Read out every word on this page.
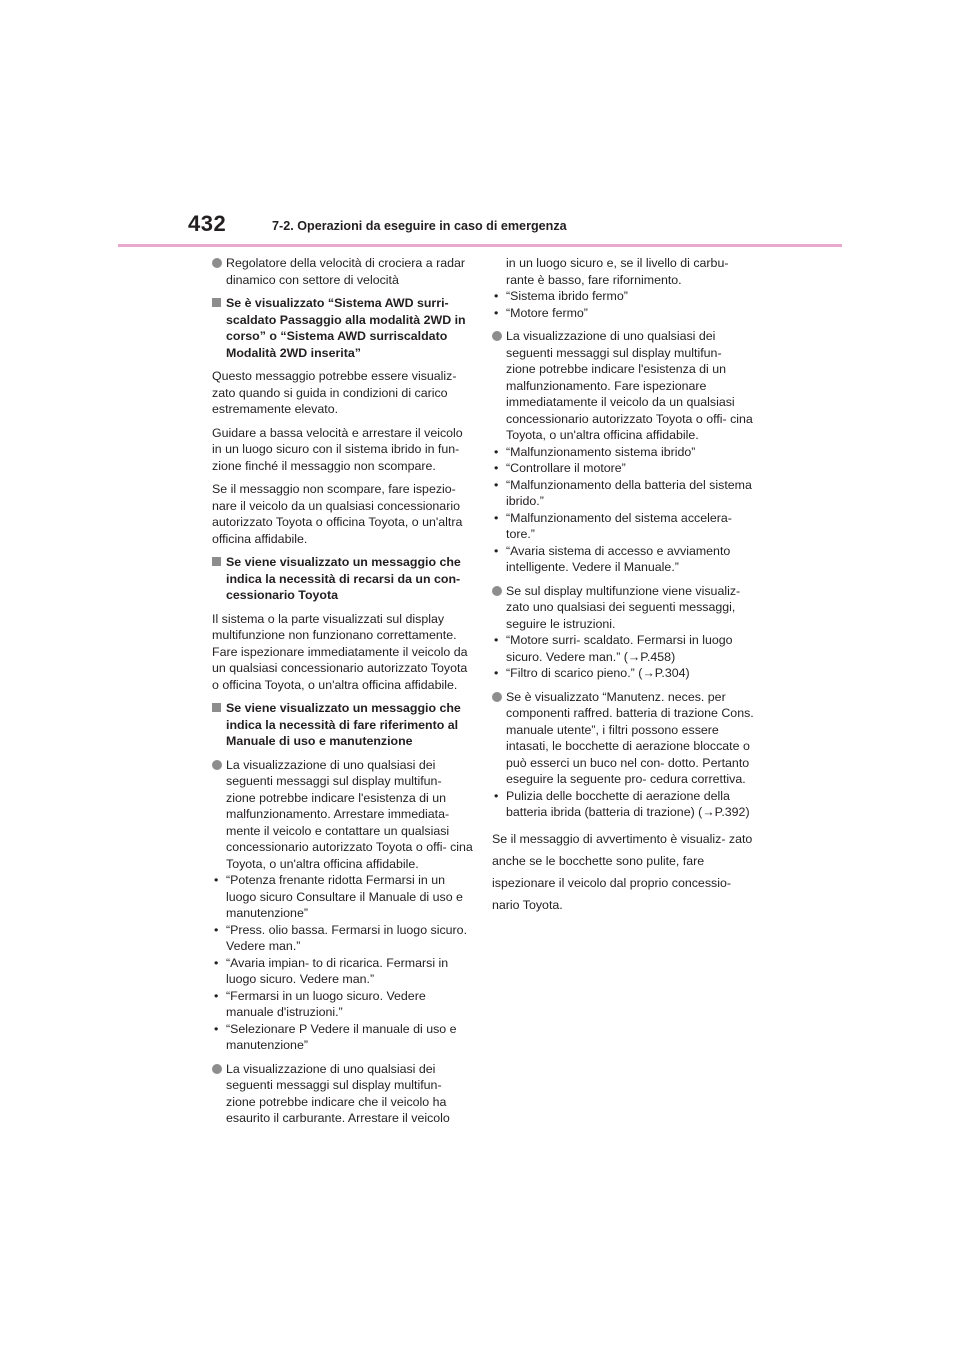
432	7-2. Operazioni da eseguire in caso di emergenza
Regolatore della velocità di crociera a radar dinamico con settore di velocità
Se è visualizzato “Sistema AWD surri- scaldato Passaggio alla modalità 2WD in corso” o “Sistema AWD surriscaldato Modalità 2WD inserita”
Questo messaggio potrebbe essere visualiz- zato quando si guida in condizioni di carico estremamente elevato.
Guidare a bassa velocità e arrestare il veicolo in un luogo sicuro con il sistema ibrido in fun- zione finché il messaggio non scompare.
Se il messaggio non scompare, fare ispezio- nare il veicolo da un qualsiasi concessionario autorizzato Toyota o officina Toyota, o un'altra officina affidabile.
Se viene visualizzato un messaggio che indica la necessità di recarsi da un con- cessionario Toyota
Il sistema o la parte visualizzati sul display multifunzione non funzionano correttamente. Fare ispezionare immediatamente il veicolo da un qualsiasi concessionario autorizzato Toyota o officina Toyota, o un'altra officina affidabile.
Se viene visualizzato un messaggio che indica la necessità di fare riferimento al Manuale di uso e manutenzione
La visualizzazione di uno qualsiasi dei seguenti messaggi sul display multifun- zione potrebbe indicare l'esistenza di un malfunzionamento. Arrestare immediata- mente il veicolo e contattare un qualsiasi concessionario autorizzato Toyota o offi- cina Toyota, o un'altra officina affidabile.
• “Potenza frenante ridotta Fermarsi in un luogo sicuro Consultare il Manuale di uso e manutenzione”
• “Press. olio bassa. Fermarsi in luogo sicuro. Vedere man.”
• “Avaria impian- to di ricarica. Fermarsi in luogo sicuro. Vedere man.”
• “Fermarsi in un luogo sicuro. Vedere manuale d'istruzioni.”
• “Selezionare P Vedere il manuale di uso e manutenzione”
La visualizzazione di uno qualsiasi dei seguenti messaggi sul display multifun- zione potrebbe indicare che il veicolo ha esaurito il carburante. Arrestare il veicolo
in un luogo sicuro e, se il livello di carbu- rante è basso, fare rifornimento.
• “Sistema ibrido fermo”
• “Motore fermo”
La visualizzazione di uno qualsiasi dei seguenti messaggi sul display multifun- zione potrebbe indicare l'esistenza di un malfunzionamento. Fare ispezionare immediatamente il veicolo da un qualsiasi concessionario autorizzato Toyota o offi- cina Toyota, o un'altra officina affidabile.
• “Malfunzionamento sistema ibrido”
• “Controllare il motore”
• “Malfunzionamento della batteria del sistema ibrido.”
• “Malfunzionamento del sistema accelera- tore.”
• “Avaria sistema di accesso e avviamento intelligente. Vedere il Manuale.”
Se sul display multifunzione viene visualiz- zato uno qualsiasi dei seguenti messaggi, seguire le istruzioni.
• “Motore surri- scaldato. Fermarsi in luogo sicuro. Vedere man.” (→P.458)
• “Filtro di scarico pieno.” (→P.304)
Se è visualizzato “Manutenz. neces. per componenti raffred. batteria di trazione Cons. manuale utente”, i filtri possono essere intasati, le bocchette di aerazione bloccate o può esserci un buco nel con- dotto. Pertanto eseguire la seguente pro- cedura correttiva.
• Pulizia delle bocchette di aerazione della batteria ibrida (batteria di trazione) (→P.392)
Se il messaggio di avvertimento è visualiz- zato anche se le bocchette sono pulite, fare ispezionare il veicolo dal proprio concessio- nario Toyota.
